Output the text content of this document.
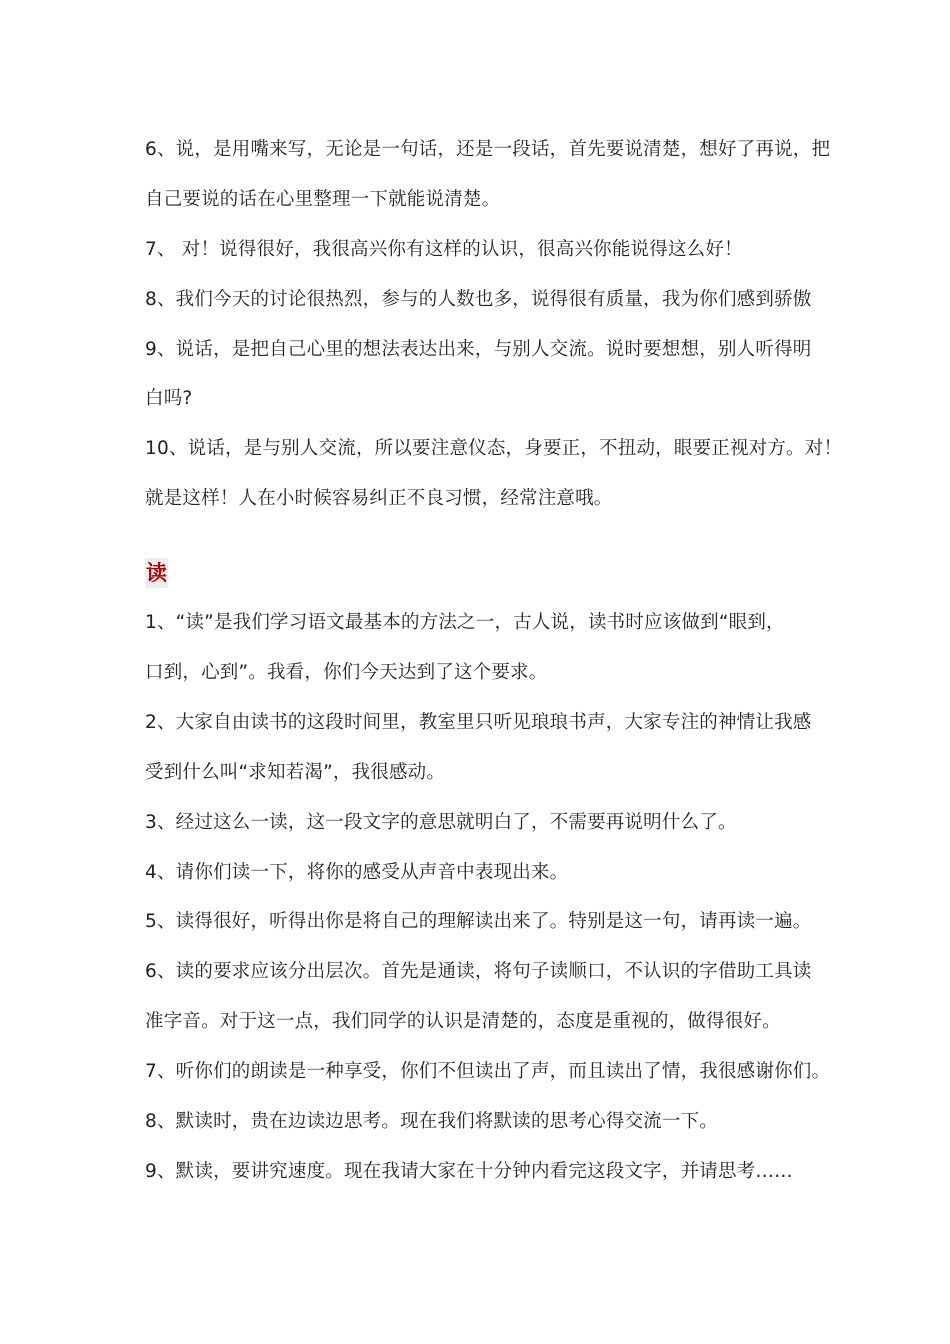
6、说，是用嘴来写，无论是一句话，还是一段话，首先要说清楚，想好了再说，把
自己要说的话在心里整理一下就能说清楚。
7、 对！说得很好，我很高兴你有这样的认识，很高兴你能说得这么好！
8、我们今天的讨论很热烈，参与的人数也多，说得很有质量，我为你们感到骄傲
9、说话，是把自己心里的想法表达出来，与别人交流。说时要想想，别人听得明
白吗?
10、说话，是与别人交流，所以要注意仪态，身要正，不扭动，眼要正视对方。对！
就是这样！人在小时候容易纠正不良习惯，经常注意哦。
读
1、“读”是我们学习语文最基本的方法之一，古人说，读书时应该做到“眼到，
口到，心到”。我看，你们今天达到了这个要求。
2、大家自由读书的这段时间里，教室里只听见琅琅书声，大家专注的神情让我感
受到什么叫“求知若渴”，我很感动。
3、经过这么一读，这一段文字的意思就明白了，不需要再说明什么了。
4、请你们读一下，将你的感受从声音中表现出来。
5、读得很好，听得出你是将自己的理解读出来了。特别是这一句，请再读一遍。
6、读的要求应该分出层次。首先是通读，将句子读顺口，不认识的字借助工具读
准字音。对于这一点，我们同学的认识是清楚的，态度是重视的，做得很好。
7、听你们的朗读是一种享受，你们不但读出了声，而且读出了情，我很感谢你们。
8、默读时，贵在边读边思考。现在我们将默读的思考心得交流一下。
9、默读，要讲究速度。现在我请大家在十分钟内看完这段文字，并请思考……
